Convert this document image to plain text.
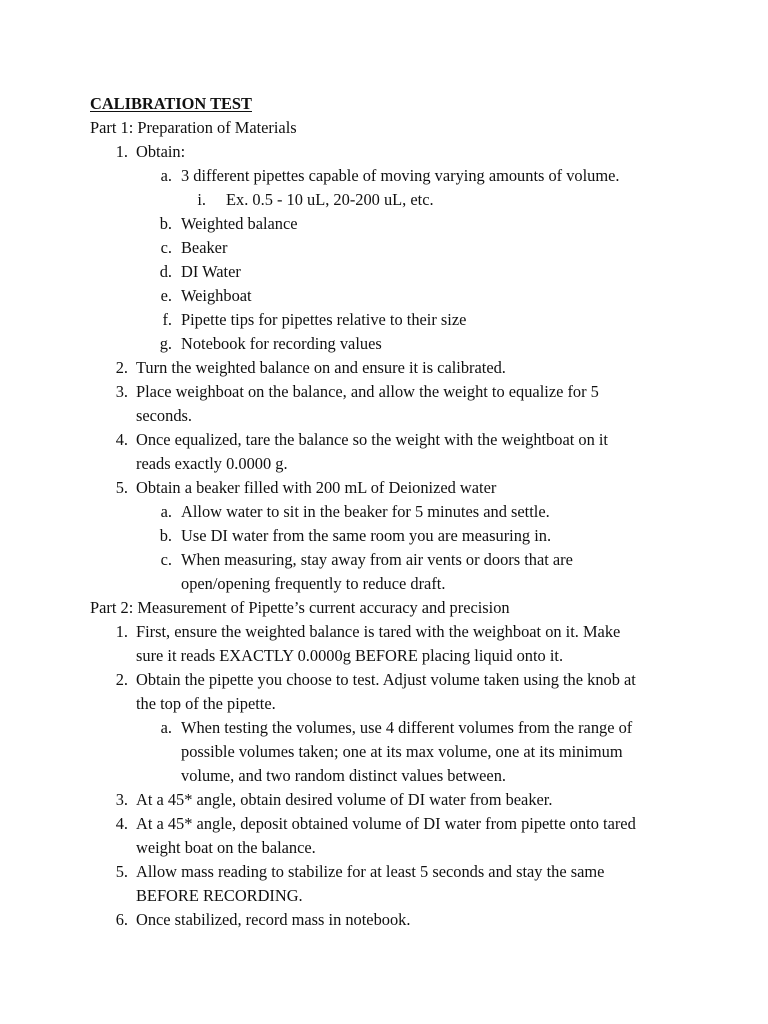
CALIBRATION TEST
Part 1: Preparation of Materials
1. Obtain:
a. 3 different pipettes capable of moving varying amounts of volume.
i. Ex. 0.5 - 10 uL, 20-200 uL, etc.
b. Weighted balance
c. Beaker
d. DI Water
e. Weighboat
f. Pipette tips for pipettes relative to their size
g. Notebook for recording values
2. Turn the weighted balance on and ensure it is calibrated.
3. Place weighboat on the balance, and allow the weight to equalize for 5
seconds.
4. Once equalized, tare the balance so the weight with the weightboat on it
reads exactly 0.0000 g.
5. Obtain a beaker filled with 200 mL of Deionized water
a. Allow water to sit in the beaker for 5 minutes and settle.
b. Use DI water from the same room you are measuring in.
c. When measuring, stay away from air vents or doors that are
open/opening frequently to reduce draft.
Part 2: Measurement of Pipette’s current accuracy and precision
1. First, ensure the weighted balance is tared with the weighboat on it. Make
sure it reads EXACTLY 0.0000g BEFORE placing liquid onto it.
2. Obtain the pipette you choose to test. Adjust volume taken using the knob at
the top of the pipette.
a. When testing the volumes, use 4 different volumes from the range of
possible volumes taken; one at its max volume, one at its minimum
volume, and two random distinct values between.
3. At a 45* angle, obtain desired volume of DI water from beaker.
4. At a 45* angle, deposit obtained volume of DI water from pipette onto tared
weight boat on the balance.
5. Allow mass reading to stabilize for at least 5 seconds and stay the same
BEFORE RECORDING.
6. Once stabilized, record mass in notebook.
